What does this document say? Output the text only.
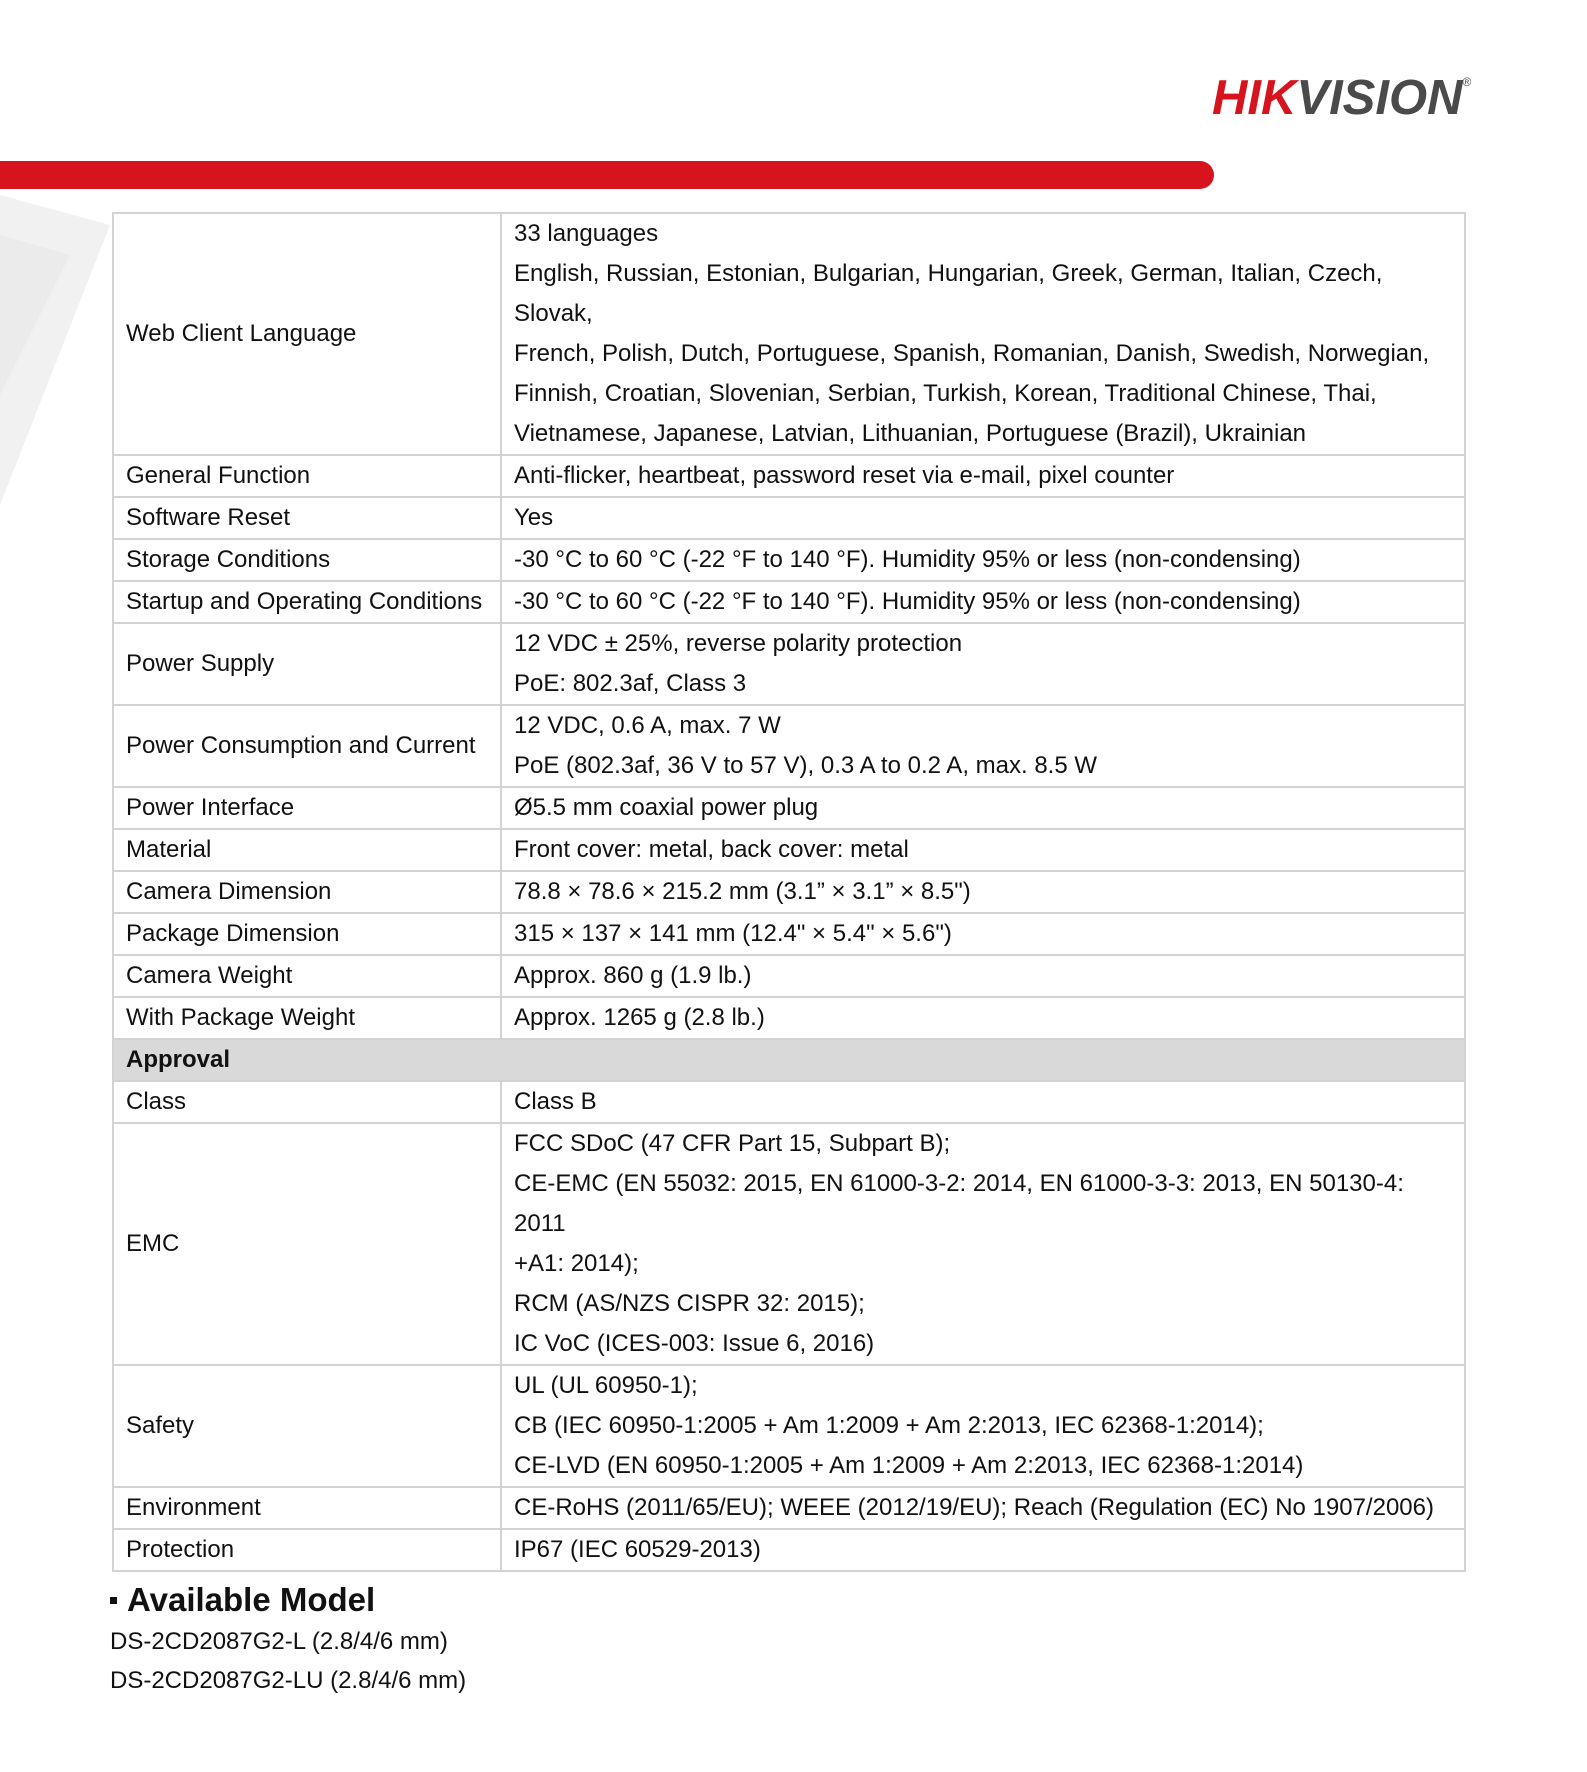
HIKVISION®
Web Client Language	33 languages
English, Russian, Estonian, Bulgarian, Hungarian, Greek, German, Italian, Czech, Slovak,
French, Polish, Dutch, Portuguese, Spanish, Romanian, Danish, Swedish, Norwegian,
Finnish, Croatian, Slovenian, Serbian, Turkish, Korean, Traditional Chinese, Thai,
Vietnamese, Japanese, Latvian, Lithuanian, Portuguese (Brazil), Ukrainian

General Function	Anti-flicker, heartbeat, password reset via e-mail, pixel counter

Software Reset	Yes

Storage Conditions	-30 °C to 60 °C (-22 °F to 140 °F). Humidity 95% or less (non-condensing)

Startup and Operating Conditions	-30 °C to 60 °C (-22 °F to 140 °F). Humidity 95% or less (non-condensing)

Power Supply	12 VDC ± 25%, reverse polarity protection
PoE: 802.3af, Class 3

Power Consumption and Current	12 VDC, 0.6 A, max. 7 W
PoE (802.3af, 36 V to 57 V), 0.3 A to 0.2 A, max. 8.5 W

Power Interface	Ø5.5 mm coaxial power plug

Material	Front cover: metal, back cover: metal

Camera Dimension	78.8 × 78.6 × 215.2 mm (3.1” × 3.1” × 8.5")

Package Dimension	315 × 137 × 141 mm (12.4" × 5.4" × 5.6")

Camera Weight	Approx. 860 g (1.9 lb.)

With Package Weight	Approx. 1265 g (2.8 lb.)

Approval	
Class	Class B

EMC	FCC SDoC (47 CFR Part 15, Subpart B);
CE-EMC (EN 55032: 2015, EN 61000-3-2: 2014, EN 61000-3-3: 2013, EN 50130-4: 2011
+A1: 2014);
RCM (AS/NZS CISPR 32: 2015);
IC VoC (ICES-003: Issue 6, 2016)

Safety	UL (UL 60950-1);
CB (IEC 60950-1:2005 + Am 1:2009 + Am 2:2013, IEC 62368-1:2014);
CE-LVD (EN 60950-1:2005 + Am 1:2009 + Am 2:2013, IEC 62368-1:2014)

Environment	CE-RoHS (2011/65/EU); WEEE (2012/19/EU); Reach (Regulation (EC) No 1907/2006)

Protection	IP67 (IEC 60529-2013)
Available Model
DS-2CD2087G2-L (2.8/4/6 mm)
DS-2CD2087G2-LU (2.8/4/6 mm)
